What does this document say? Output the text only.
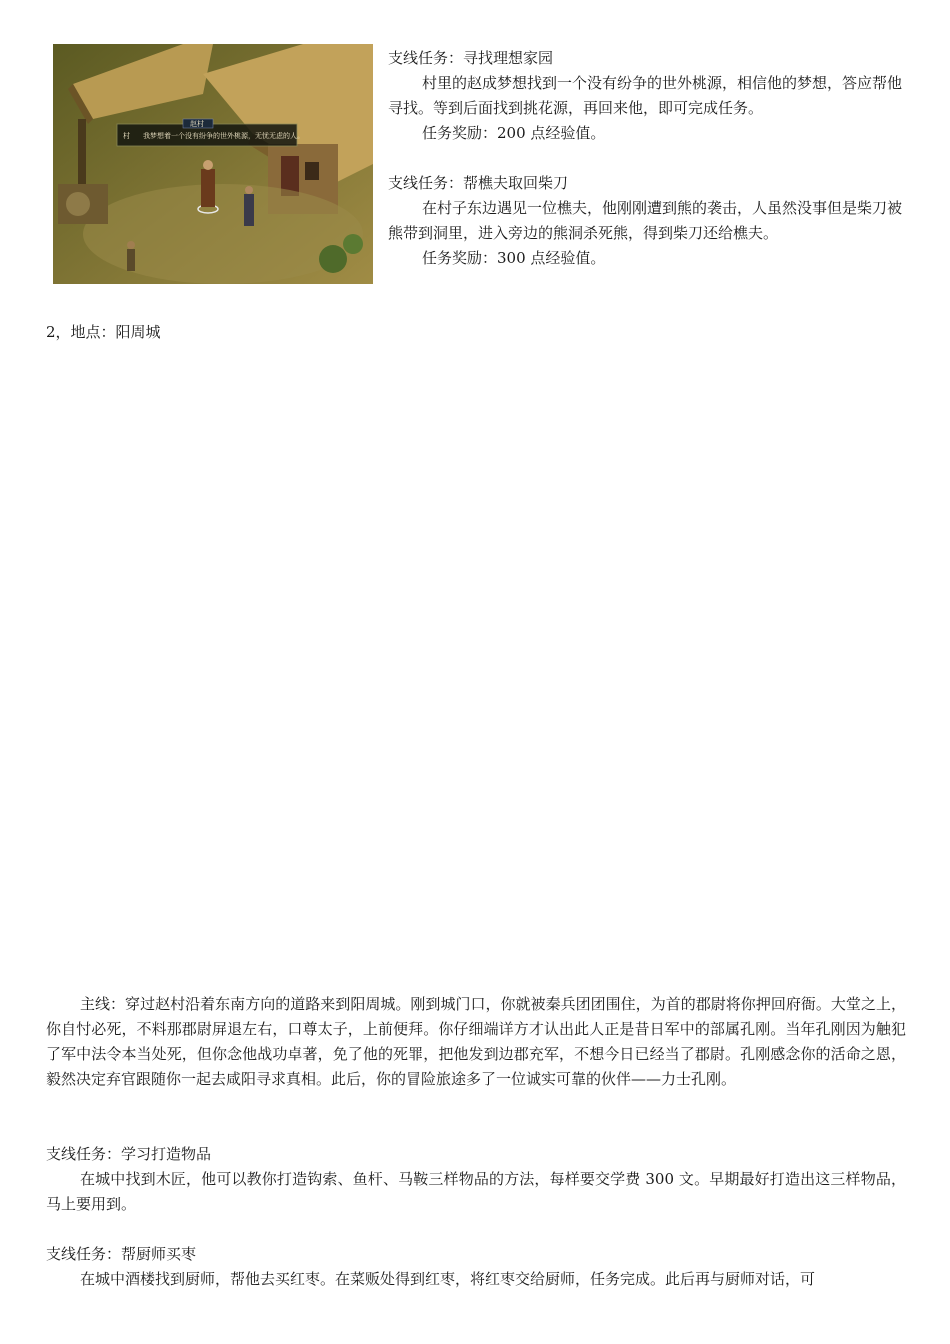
赵村
村 我梦想着一个没有纷争的世外桃源，无忧无虑的人。

支线任务：寻找理想家园

村里的赵成梦想找到一个没有纷争的世外桃源，相信他的梦想，答应帮他寻找。等到后面找到挑花源，再回来他，即可完成任务。

任务奖励：200 点经验值。

支线任务：帮樵夫取回柴刀

在村子东边遇见一位樵夫，他刚刚遭到熊的袭击，人虽然没事但是柴刀被熊带到洞里，进入旁边的熊洞杀死熊，得到柴刀还给樵夫。

任务奖励：300 点经验值。

2，地点：阳周城

主线：穿过赵村沿着东南方向的道路来到阳周城。刚到城门口，你就被秦兵团团围住，为首的郡尉将你押回府衙。大堂之上，你自忖必死，不料那郡尉屏退左右，口尊太子，上前便拜。你仔细端详方才认出此人正是昔日军中的部属孔刚。当年孔刚因为触犯了军中法令本当处死，但你念他战功卓著，免了他的死罪，把他发到边郡充军，不想今日已经当了郡尉。孔刚感念你的活命之恩，毅然决定弃官跟随你一起去咸阳寻求真相。此后，你的冒险旅途多了一位诚实可靠的伙伴——力士孔刚。

支线任务：学习打造物品

在城中找到木匠，他可以教你打造钩索、鱼杆、马鞍三样物品的方法，每样要交学费 300 文。早期最好打造出这三样物品，马上要用到。

支线任务：帮厨师买枣

在城中酒楼找到厨师，帮他去买红枣。在菜贩处得到红枣，将红枣交给厨师，任务完成。此后再与厨师对话，可
